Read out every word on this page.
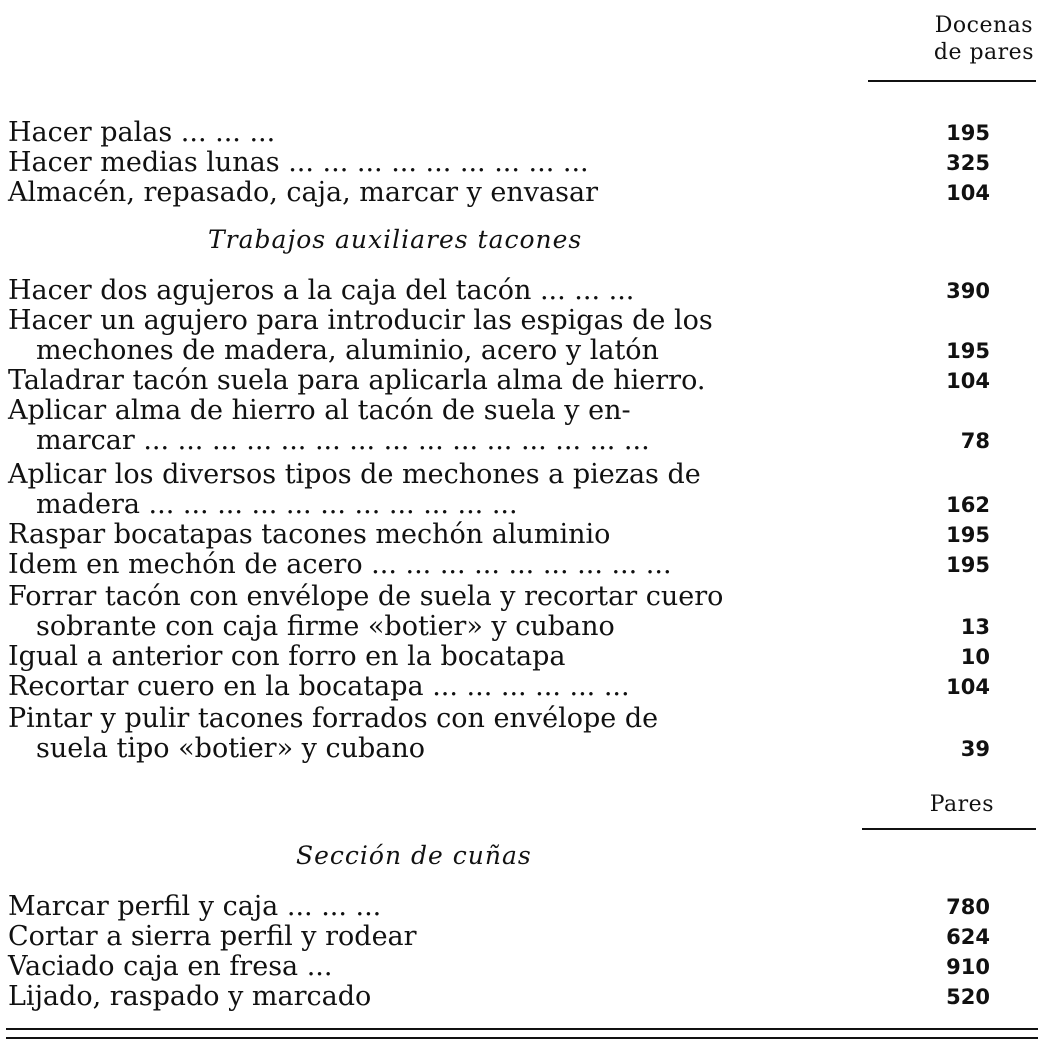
Docenas
de pares
Hacer palas ... ... ...	195
Hacer medias lunas ... ... ... ... ... ... ... ... ...	325
Almacén, repasado, caja, marcar y envasar	104
Trabajos auxiliares tacones
Hacer dos agujeros a la caja del tacón ... ... ...	390
Hacer un agujero para introducir las espigas de los
mechones de madera, aluminio, acero y latón	195
Taladrar tacón suela para aplicarla alma de hierro.	104
Aplicar alma de hierro al tacón de suela y en-
marcar ... ... ... ... ... ... ... ... ... ... ... ... ... ... ...	78
Aplicar los diversos tipos de mechones a piezas de
madera ... ... ... ... ... ... ... ... ... ... ...	162
Raspar bocatapas tacones mechón aluminio	195
Idem en mechón de acero ... ... ... ... ... ... ... ... ...	195
Forrar tacón con envélope de suela y recortar cuero
sobrante con caja firme «botier» y cubano	13
Igual a anterior con forro en la bocatapa	10
Recortar cuero en la bocatapa ... ... ... ... ... ...	104
Pintar y pulir tacones forrados con envélope de
suela tipo «botier» y cubano	39
Pares
Sección de cuñas
Marcar perfil y caja ... ... ...	780
Cortar a sierra perfil y rodear	624
Vaciado caja en fresa ...	910
Lijado, raspado y marcado	520
